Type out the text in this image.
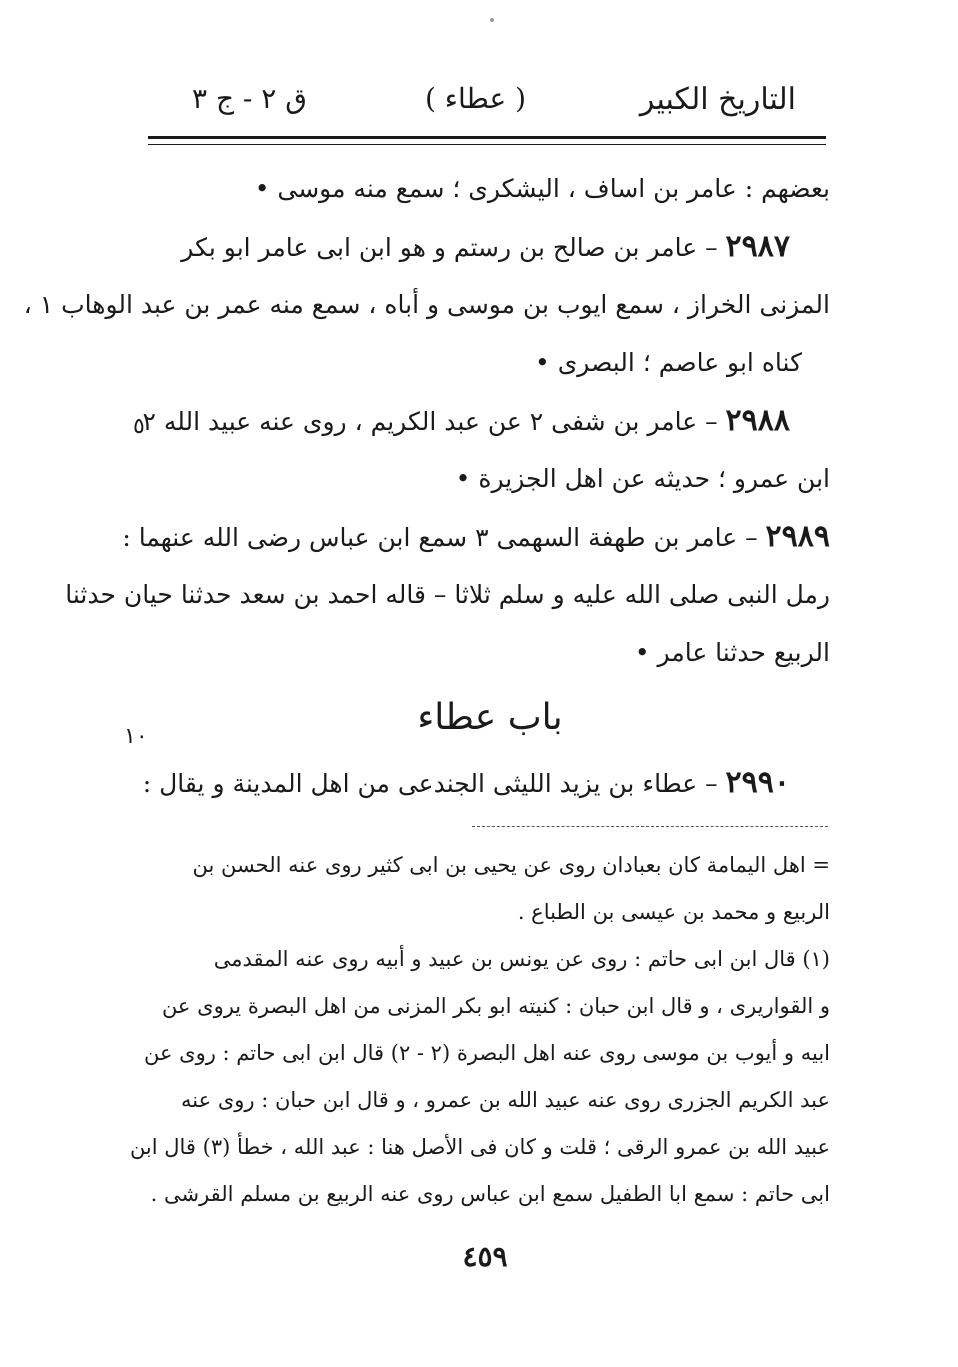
التاريخ الكبير
( عطاء )
ق ٢ - ج ٣
٥
١٠
بعضهم : عامر بن اساف ، اليشكرى ؛ سمع منه موسى •
٢٩٨٧ – عامر بن صالح بن رستم و هو ابن ابى عامر ابو بكر
المزنى الخراز ، سمع ايوب بن موسى و أباه ، سمع منه عمر بن عبد الوهاب ١ ،
كناه ابو عاصم ؛ البصرى •
٢٩٨٨ – عامر بن شفى ٢ عن عبد الكريم ، روى عنه عبيد الله ٢
ابن عمرو ؛ حديثه عن اهل الجزيرة •
٢٩٨٩ – عامر بن طهفة السهمى ٣ سمع ابن عباس رضى الله عنهما :
رمل النبى صلى الله عليه و سلم ثلاثا – قاله احمد بن سعد حدثنا حيان حدثنا
الربيع حدثنا عامر •
باب عطاء
٢٩٩٠ – عطاء بن يزيد الليثى الجندعى من اهل المدينة و يقال :
= اهل اليمامة كان بعبادان روى عن يحيى بن ابى كثير روى عنه الحسن بن
الربيع و محمد بن عيسى بن الطباع .
(١) قال ابن ابى حاتم : روى عن يونس بن عبيد و أبيه روى عنه المقدمى
و القواريرى ، و قال ابن حبان : كنيته ابو بكر المزنى من اهل البصرة يروى عن
ابيه و أيوب بن موسى روى عنه اهل البصرة (٢ - ٢) قال ابن ابى حاتم : روى عن
عبد الكريم الجزرى روى عنه عبيد الله بن عمرو ، و قال ابن حبان : روى عنه
عبيد الله بن عمرو الرقى ؛ قلت و كان فى الأصل هنا : عبد الله ، خطأ (٣) قال ابن
ابى حاتم : سمع ابا الطفيل سمع ابن عباس روى عنه الربيع بن مسلم القرشى .
٤٥٩
